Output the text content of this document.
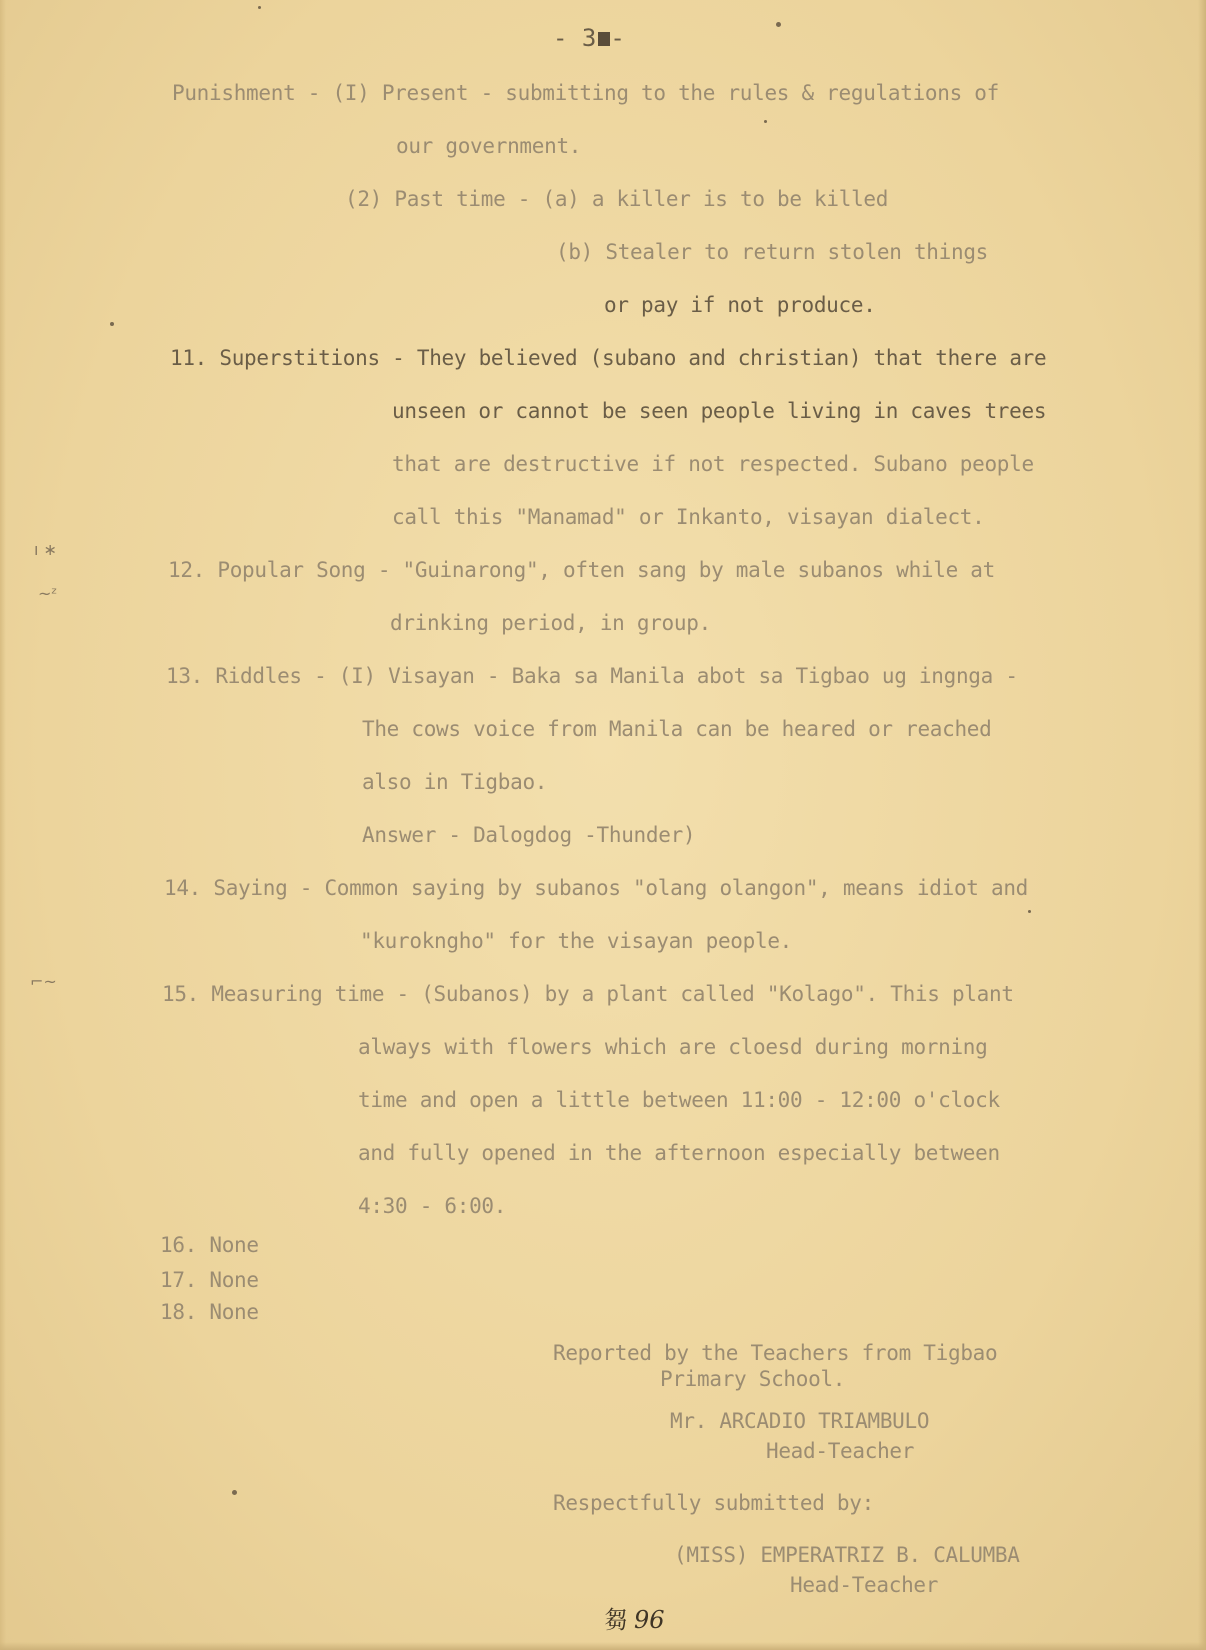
- 3 -
Punishment - (I) Present - submitting to the rules & regulations of
our government.
(2) Past time - (a) a killer is to be killed
(b) Stealer to return stolen things
or pay if not produce.
11. Superstitions - They believed (subano and christian) that there are
unseen or cannot be seen people living in caves trees
that are destructive if not respected. Subano people
call this "Manamad" or Inkanto, visayan dialect.
12. Popular Song - "Guinarong", often sang by male subanos while at
drinking period, in group.
13. Riddles - (I) Visayan - Baka sa Manila abot sa Tigbao ug ingnga -
The cows voice from Manila can be heared or reached
also in Tigbao.
Answer - Dalogdog -Thunder)
14. Saying - Common saying by subanos "olang olangon", means idiot and
"kurokngho" for the visayan people.
15. Measuring time - (Subanos) by a plant called "Kolago". This plant
always with flowers which are cloesd during morning
time and open a little between 11:00 - 12:00 o'clock
and fully opened in the afternoon especially between
4:30 - 6:00.
16. None
17. None
18. None
Reported by the Teachers from Tigbao
Primary School.
Mr. ARCADIO TRIAMBULO
Head-Teacher
Respectfully submitted by:
(MISS) EMPERATRIZ B. CALUMBA
Head-Teacher
芻 96
ı ∗
~ᶻ
⌐~
